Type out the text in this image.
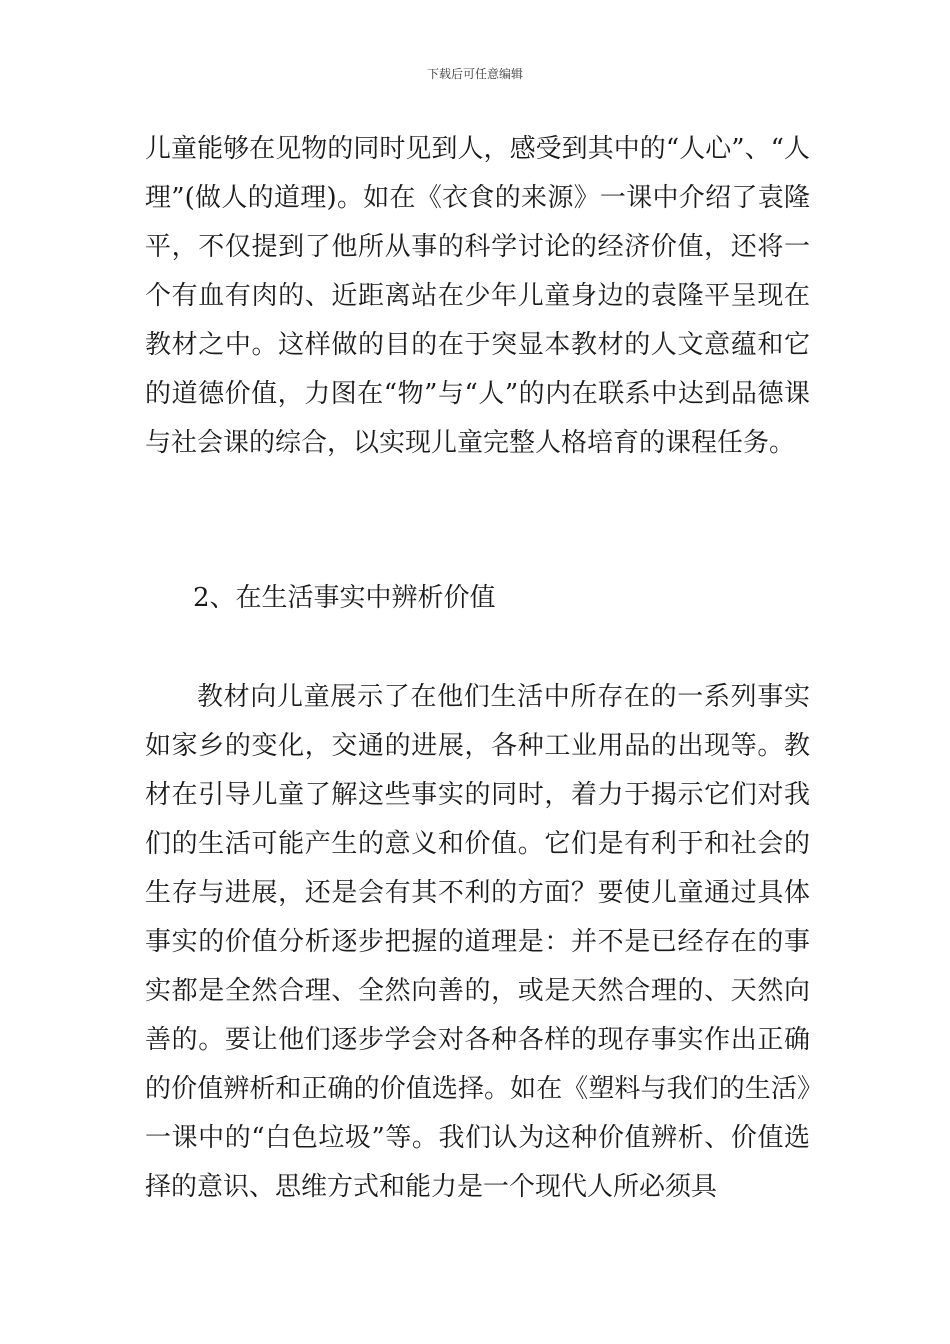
下载后可任意编辑
儿童能够在见物的同时见到人，感受到其中的“人心”、“人理”(做人的道理)。如在《衣食的来源》一课中介绍了袁隆平，不仅提到了他所从事的科学讨论的经济价值，还将一个有血有肉的、近距离站在少年儿童身边的袁隆平呈现在教材之中。这样做的目的在于突显本教材的人文意蕴和它的道德价值，力图在“物”与“人”的内在联系中达到品德课与社会课的综合，以实现儿童完整人格培育的课程任务。
2、在生活事实中辨析价值
教材向儿童展示了在他们生活中所存在的一系列事实如家乡的变化，交通的进展，各种工业用品的出现等。教材在引导儿童了解这些事实的同时，着力于揭示它们对我们的生活可能产生的意义和价值。它们是有利于和社会的生存与进展，还是会有其不利的方面？要使儿童通过具体事实的价值分析逐步把握的道理是：并不是已经存在的事实都是全然合理、全然向善的，或是天然合理的、天然向善的。要让他们逐步学会对各种各样的现存事实作出正确的价值辨析和正确的价值选择。如在《塑料与我们的生活》一课中的“白色垃圾”等。我们认为这种价值辨析、价值选择的意识、思维方式和能力是一个现代人所必须具
